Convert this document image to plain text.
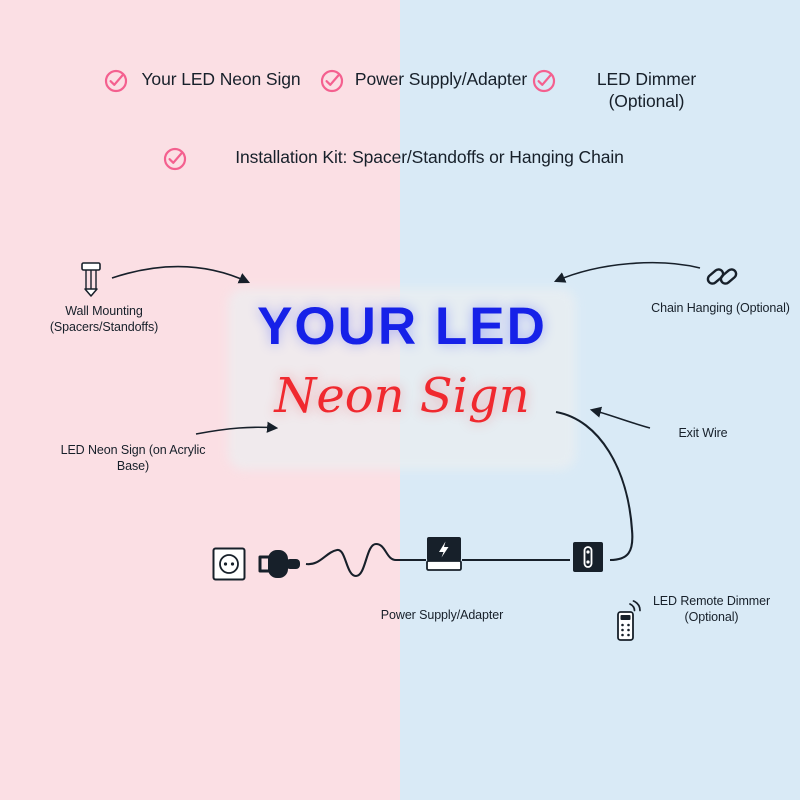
Your LED Neon Sign	Power Supply/Adapter	LED Dimmer (Optional)
Installation Kit: Spacer/Standoffs or Hanging Chain
YOUR LED
Neon Sign
Wall Mounting (Spacers/Standoffs)
Chain Hanging (Optional)
LED Neon Sign (on Acrylic Base)
Exit Wire
Power Supply/Adapter
LED Remote Dimmer (Optional)
